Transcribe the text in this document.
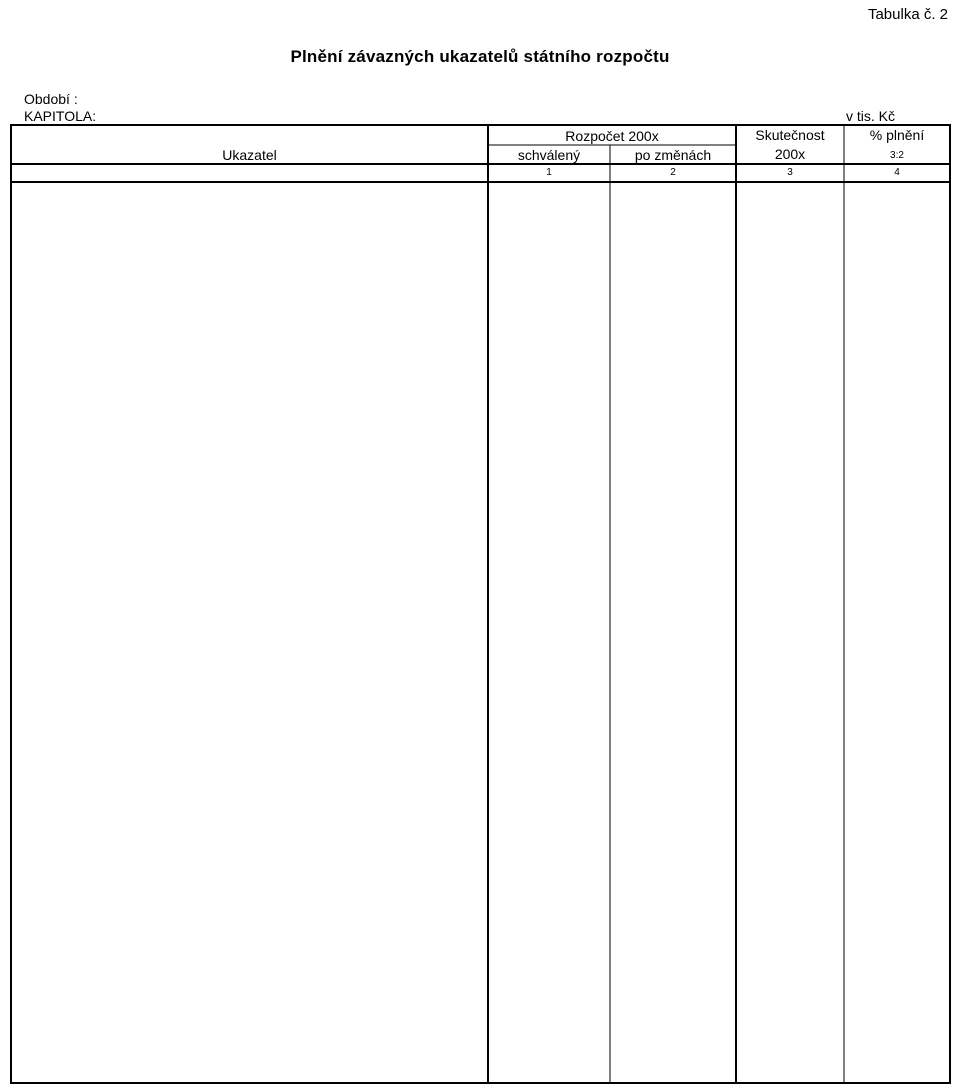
Tabulka č. 2
Plnění závazných ukazatelů státního rozpočtu
Období :
KAPITOLA:	v tis. Kč
Ukazatel
Rozpočet 200x
schválený	po změnách
Skutečnost
200x
% plnění
3:2
1	2	3	4
